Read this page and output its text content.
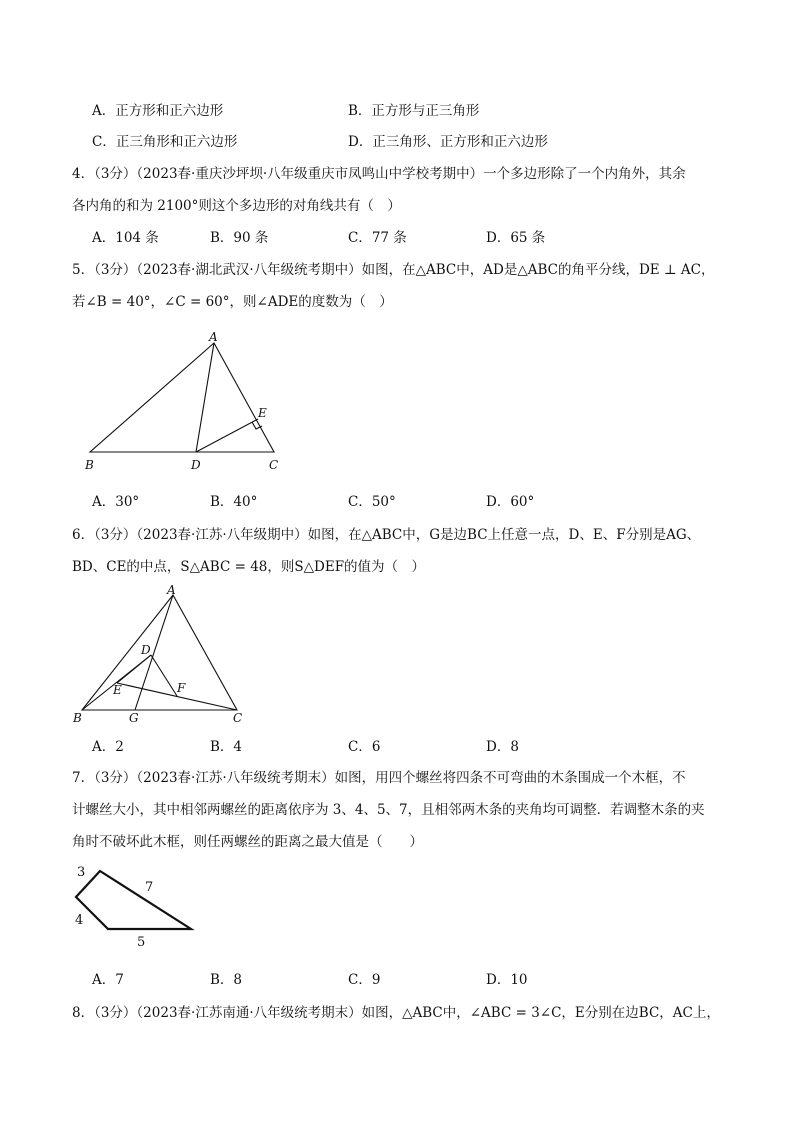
A．正方形和正六边形	B．正方形与正三角形
C．正三角形和正六边形	D．正三角形、正方形和正六边形
4．（3分）（2023春·重庆沙坪坝·八年级重庆市凤鸣山中学校考期中）一个多边形除了一个内角外，其余
各内角的和为 2100°则这个多边形的对角线共有（　）
A．104 条	B．90 条	C．77 条	D．65 条
5．（3分）（2023春·湖北武汉·八年级统考期中）如图，在△ABC中，AD是△ABC的角平分线，DE ⊥ AC，
若∠B = 40°，∠C = 60°，则∠ADE的度数为（　）
A
B	C
D
E
A．30°	B．40°	C．50°	D．60°
6．（3分）（2023春·江苏·八年级期中）如图，在△ABC中，G是边BC上任意一点，D、E、F分别是AG、
BD、CE的中点，S△ABC = 48，则S△DEF的值为（　）
A
B	C
D
E	F
G
A．2	B．4	C．6	D．8
7．（3分）（2023春·江苏·八年级统考期末）如图，用四个螺丝将四条不可弯曲的木条围成一个木框，不
计螺丝大小，其中相邻两螺丝的距离依序为 3、4、5、7，且相邻两木条的夹角均可调整．若调整木条的夹
角时不破坏此木框，则任两螺丝的距离之最大值是（　　）
3
7
4
5
A．7	B．8	C．9	D．10
8．（3分）（2023春·江苏南通·八年级统考期末）如图，△ABC中，∠ABC = 3∠C，E分别在边BC，AC上，
